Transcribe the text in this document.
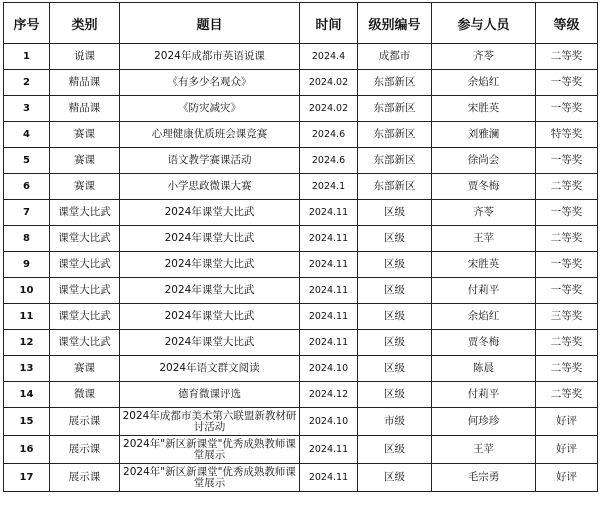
序号	类别	题目	时间	级别编号	参与人员	等级
1	说课	2024年成都市英语说课	2024.4	成都市	齐苓	二等奖
2	精品课	《有多少名观众》	2024.02	东部新区	余焰红	一等奖
3	精品课	《防灾减灾》	2024.02	东部新区	宋胜英	一等奖
4	赛课	心理健康优质班会课竞赛	2024.6	东部新区	刘雅澜	特等奖
5	赛课	语文教学赛课活动	2024.6	东部新区	徐尚会	一等奖
6	赛课	小学思政微课大赛	2024.1	东部新区	贾冬梅	二等奖
7	课堂大比武	2024年课堂大比武	2024.11	区级	齐苓	一等奖
8	课堂大比武	2024年课堂大比武	2024.11	区级	王苹	二等奖
9	课堂大比武	2024年课堂大比武	2024.11	区级	宋胜英	一等奖
10	课堂大比武	2024年课堂大比武	2024.11	区级	付莉平	一等奖
11	课堂大比武	2024年课堂大比武	2024.11	区级	余焰红	三等奖
12	课堂大比武	2024年课堂大比武	2024.11	区级	贾冬梅	二等奖
13	赛课	2024年语文群文阅读	2024.10	区级	陈晨	二等奖
14	微课	德育微课评选	2024.12	区级	付莉平	二等奖
15	展示课	2024年成都市美术第六联盟新教材研讨活动	2024.10	市级	何珍珍	好评
16	展示课	2024年"新区新课堂"优秀成熟教师课堂展示	2024.11	区级	王苹	好评
17	展示课	2024年"新区新课堂"优秀成熟教师课堂展示	2024.11	区级	毛宗勇	好评
